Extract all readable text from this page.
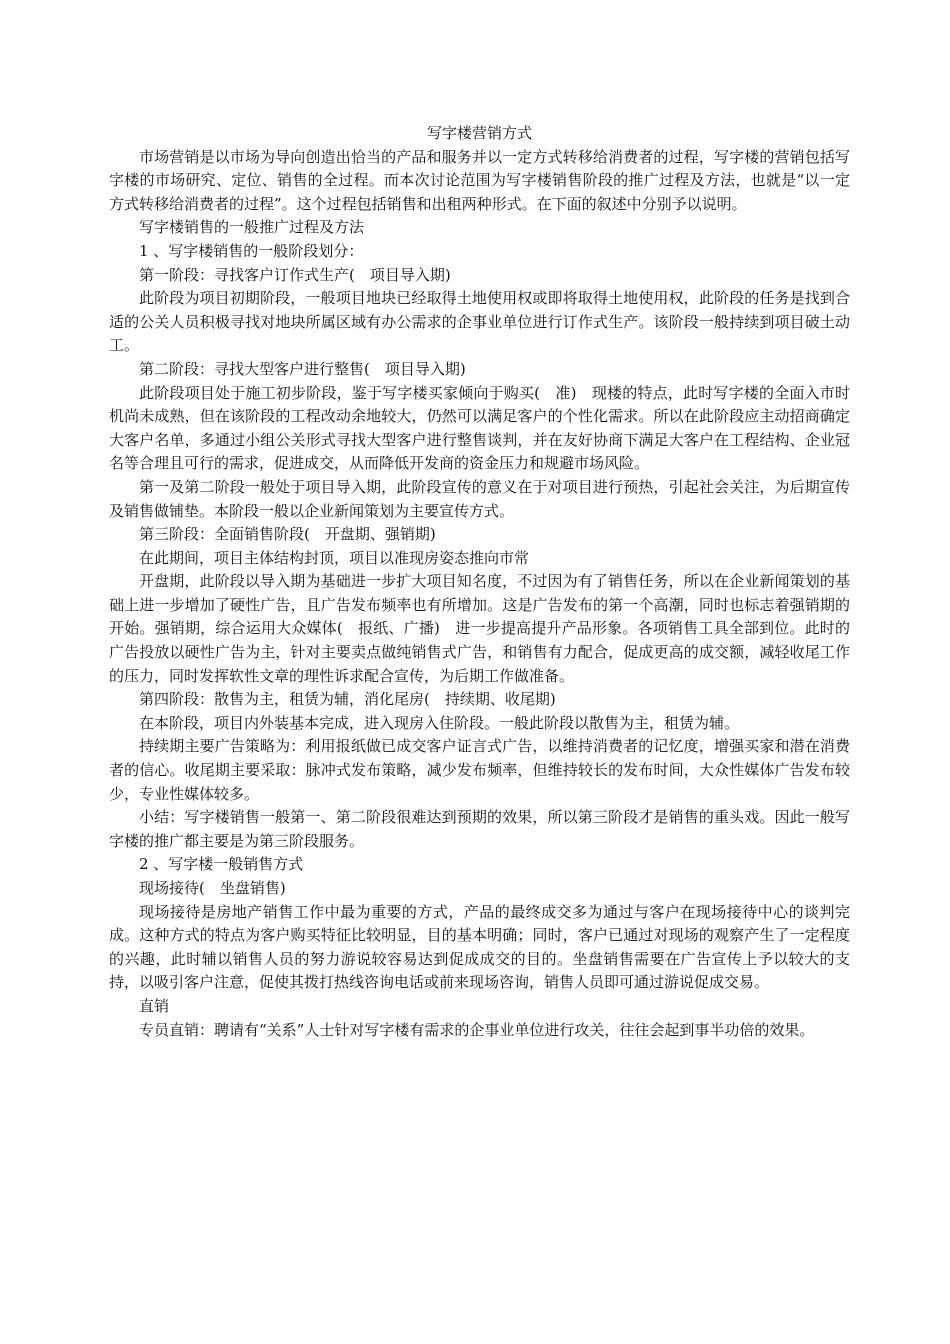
写字楼营销方式
市场营销是以市场为导向创造出恰当的产品和服务并以一定方式转移给消费者的过程，写字楼的营销包括写字楼的市场研究、定位、销售的全过程。而本次讨论范围为写字楼销售阶段的推广过程及方法，也就是“以一定方式转移给消费者的过程”。这个过程包括销售和出租两种形式。在下面的叙述中分别予以说明。
写字楼销售的一般推广过程及方法
1 、写字楼销售的一般阶段划分：
第一阶段：寻找客户订作式生产(　项目导入期)
此阶段为项目初期阶段，一般项目地块已经取得土地使用权或即将取得土地使用权，此阶段的任务是找到合适的公关人员积极寻找对地块所属区域有办公需求的企事业单位进行订作式生产。该阶段一般持续到项目破土动工。
第二阶段：寻找大型客户进行整售(　项目导入期)
此阶段项目处于施工初步阶段，鉴于写字楼买家倾向于购买(　准)　现楼的特点，此时写字楼的全面入市时机尚未成熟，但在该阶段的工程改动余地较大，仍然可以满足客户的个性化需求。所以在此阶段应主动招商确定大客户名单，多通过小组公关形式寻找大型客户进行整售谈判，并在友好协商下满足大客户在工程结构、企业冠名等合理且可行的需求，促进成交，从而降低开发商的资金压力和规避市场风险。
第一及第二阶段一般处于项目导入期，此阶段宣传的意义在于对项目进行预热，引起社会关注，为后期宣传及销售做铺垫。本阶段一般以企业新闻策划为主要宣传方式。
第三阶段：全面销售阶段(　开盘期、强销期)
在此期间，项目主体结构封顶，项目以准现房姿态推向市常
开盘期，此阶段以导入期为基础进一步扩大项目知名度，不过因为有了销售任务，所以在企业新闻策划的基础上进一步增加了硬性广告，且广告发布频率也有所增加。这是广告发布的第一个高潮，同时也标志着强销期的开始。强销期，综合运用大众媒体(　报纸、广播)　进一步提高提升产品形象。各项销售工具全部到位。此时的广告投放以硬性广告为主，针对主要卖点做纯销售式广告，和销售有力配合，促成更高的成交额，减轻收尾工作的压力，同时发挥软性文章的理性诉求配合宣传，为后期工作做准备。
第四阶段：散售为主，租赁为辅，消化尾房(　持续期、收尾期)
在本阶段，项目内外装基本完成，进入现房入住阶段。一般此阶段以散售为主，租赁为辅。
持续期主要广告策略为：利用报纸做已成交客户证言式广告，以维持消费者的记忆度，增强买家和潜在消费者的信心。收尾期主要采取：脉冲式发布策略，减少发布频率，但维持较长的发布时间，大众性媒体广告发布较少，专业性媒体较多。
小结：写字楼销售一般第一、第二阶段很难达到预期的效果，所以第三阶段才是销售的重头戏。因此一般写字楼的推广都主要是为第三阶段服务。
2 、写字楼一般销售方式
现场接待(　坐盘销售)
现场接待是房地产销售工作中最为重要的方式，产品的最终成交多为通过与客户在现场接待中心的谈判完成。这种方式的特点为客户购买特征比较明显，目的基本明确；同时，客户已通过对现场的观察产生了一定程度的兴趣，此时辅以销售人员的努力游说较容易达到促成成交的目的。坐盘销售需要在广告宣传上予以较大的支持，以吸引客户注意，促使其拨打热线咨询电话或前来现场咨询，销售人员即可通过游说促成交易。
直销
专员直销：聘请有“关系”人士针对写字楼有需求的企事业单位进行攻关，往往会起到事半功倍的效果。
